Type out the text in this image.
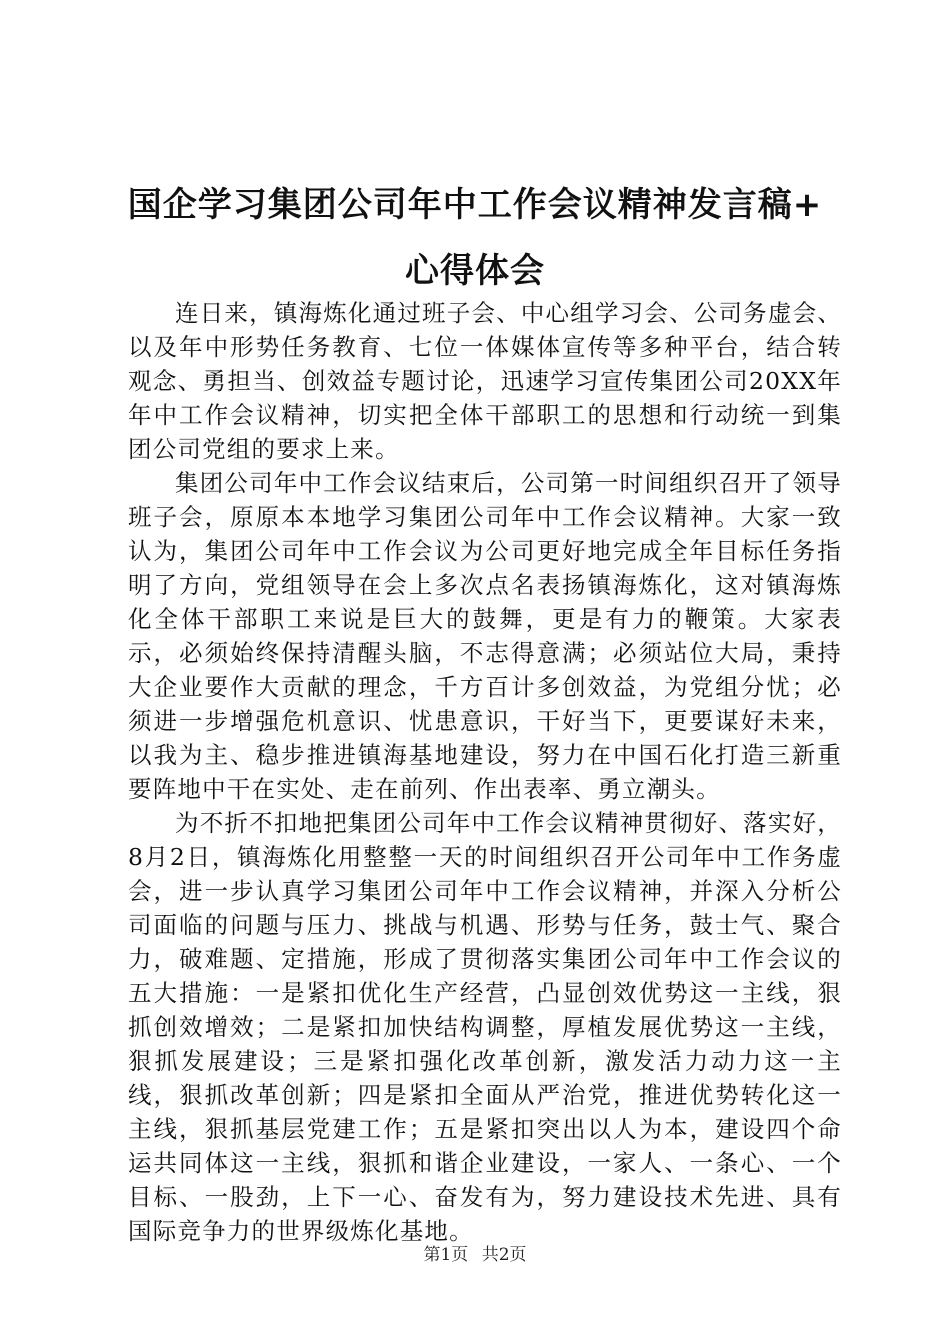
国企学习集团公司年中工作会议精神发言稿+
心得体会

连日来，镇海炼化通过班子会、中心组学习会、公司务虚会、以及年中形势任务教育、七位一体媒体宣传等多种平台，结合转观念、勇担当、创效益专题讨论，迅速学习宣传集团公司20XX年年中工作会议精神，切实把全体干部职工的思想和行动统一到集团公司党组的要求上来。

集团公司年中工作会议结束后，公司第一时间组织召开了领导班子会，原原本本地学习集团公司年中工作会议精神。大家一致认为，集团公司年中工作会议为公司更好地完成全年目标任务指明了方向，党组领导在会上多次点名表扬镇海炼化，这对镇海炼化全体干部职工来说是巨大的鼓舞，更是有力的鞭策。大家表示，必须始终保持清醒头脑，不志得意满；必须站位大局，秉持大企业要作大贡献的理念，千方百计多创效益，为党组分忧；必须进一步增强危机意识、忧患意识，干好当下，更要谋好未来，以我为主、稳步推进镇海基地建设，努力在中国石化打造三新重要阵地中干在实处、走在前列、作出表率、勇立潮头。

为不折不扣地把集团公司年中工作会议精神贯彻好、落实好，8月2日，镇海炼化用整整一天的时间组织召开公司年中工作务虚会，进一步认真学习集团公司年中工作会议精神，并深入分析公司面临的问题与压力、挑战与机遇、形势与任务，鼓士气、聚合力，破难题、定措施，形成了贯彻落实集团公司年中工作会议的五大措施：一是紧扣优化生产经营，凸显创效优势这一主线，狠抓创效增效；二是紧扣加快结构调整，厚植发展优势这一主线，狠抓发展建设；三是紧扣强化改革创新，激发活力动力这一主线，狠抓改革创新；四是紧扣全面从严治党，推进优势转化这一主线，狠抓基层党建工作；五是紧扣突出以人为本，建设四个命运共同体这一主线，狠抓和谐企业建设，一家人、一条心、一个目标、一股劲，上下一心、奋发有为，努力建设技术先进、具有国际竞争力的世界级炼化基地。

第1页 共2页
